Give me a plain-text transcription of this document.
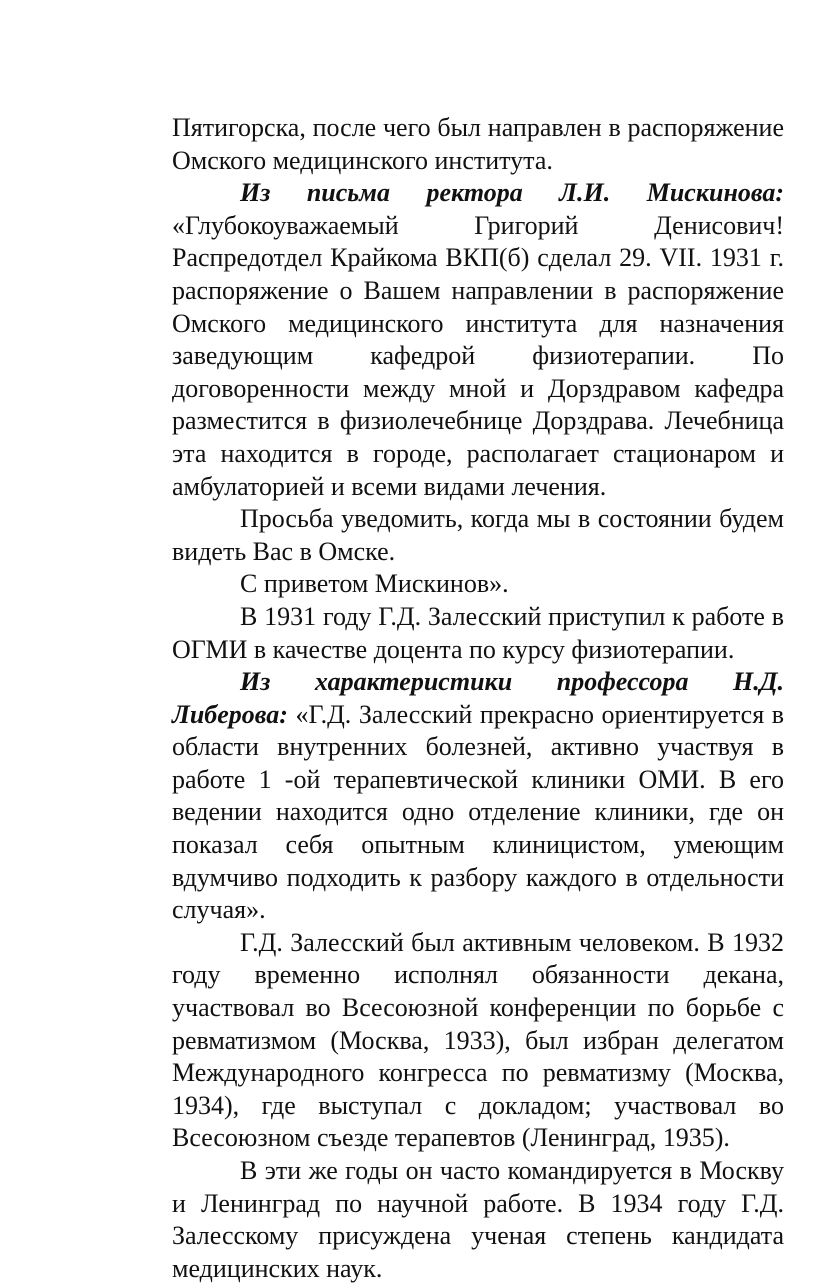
Пятигорска, после чего был направлен в распоряжение Омского медицинского института.

Из письма ректора Л.И. Мискинова: «Глубокоуважаемый Григорий Денисович! Распредотдел Крайкома ВКП(б) сделал 29. VII. 1931 г. распоряжение о Вашем направлении в распоряжение Омского медицинского института для назначения заведующим кафедрой физиотерапии. По договоренности между мной и Дорздравом кафедра разместится в физиолечебнице Дорздрава. Лечебница эта находится в городе, располагает стационаром и амбулаторией и всеми видами лечения.

Просьба уведомить, когда мы в состоянии будем видеть Вас в Омске.

С приветом Мискинов».

В 1931 году Г.Д. Залесский приступил к работе в ОГМИ в качестве доцента по курсу физиотерапии.

Из характеристики профессора Н.Д. Либерова: «Г.Д. Залесский прекрасно ориентируется в области внутренних болезней, активно участвуя в работе 1 -ой терапевтической клиники ОМИ. В его ведении находится одно отделение клиники, где он показал себя опытным клиницистом, умеющим вдумчиво подходить к разбору каждого в отдельности случая».

Г.Д. Залесский был активным человеком. В 1932 году временно исполнял обязанности декана, участвовал во Всесоюзной конференции по борьбе с ревматизмом (Москва, 1933), был избран делегатом Международного конгресса по ревматизму (Москва, 1934), где выступал с докладом; участвовал во Всесоюзном съезде терапевтов (Ленинград, 1935).

В эти же годы он часто командируется в Москву и Ленинград по научной работе. В 1934 году Г.Д. Залесскому присуждена ученая степень кандидата медицинских наук.
